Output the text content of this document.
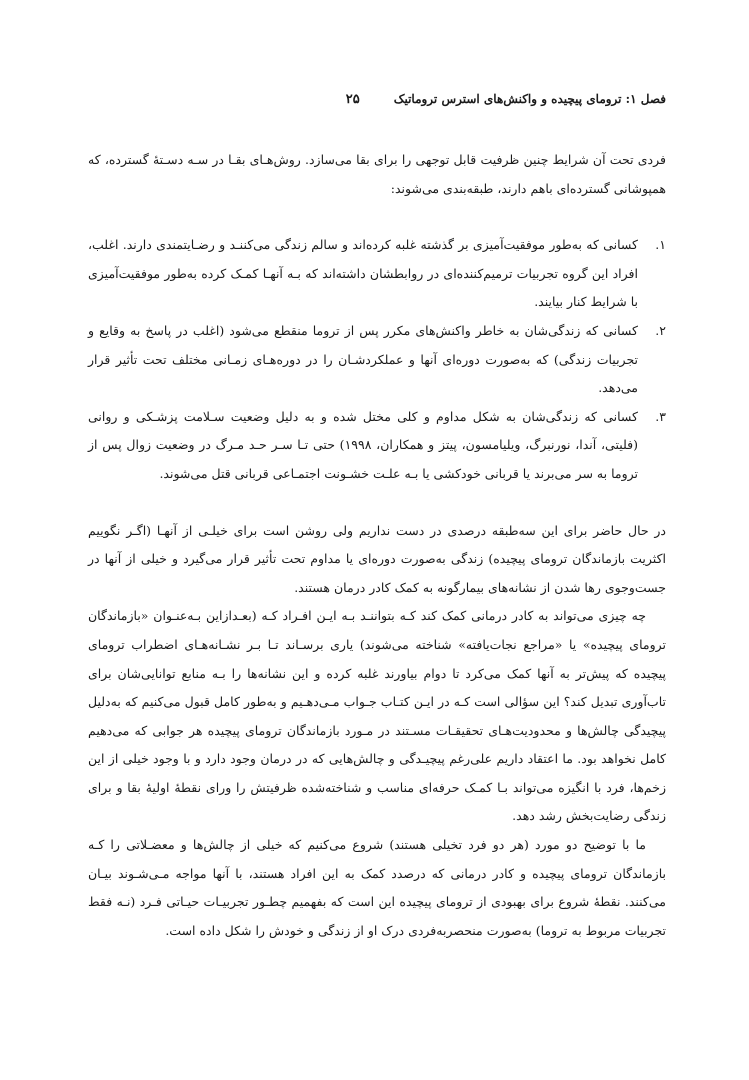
فصل ۱: ترومای پیچیده و واکنش‌های استرس تروماتیک
۲۵

فردی تحت آن شرایط چنین ظرفیت قابل توجهی را برای بقا می‌سازد. روش‌هـای بقـا در سـه دسـتهٔ گسترده، که همپوشانی گسترده‌ای باهم دارند، طبقه‌بندی می‌شوند:

۱.

کسانی که به‌طور موفقیت‌آمیزی بر گذشته غلبه کرده‌اند و سالم زندگی می‌کننـد و رضـایتمندی دارند. اغلب، افراد این گروه تجربیات ترمیم‌کننده‌ای در روابطشان داشته‌اند که بـه آنهـا کمـک کرده به‌طور موفقیت‌آمیزی با شرایط کنار بیایند.

۲.

کسانی که زندگی‌شان به خاطر واکنش‌های مکرر پس از تروما منقطع می‌شود (اغلب در پاسخ به وقایع و تجربیات زندگی) که به‌صورت دوره‌ای آنها و عملکردشـان را در دوره‌هـای زمـانی مختلف تحت تأثیر قرار می‌دهد.

۳.

کسانی که زندگی‌شان به شکل مداوم و کلی مختل شده و به دلیل وضعیت سـلامت پزشـکی و روانی (فلیتی، آندا، نورنبرگ، ویلیامسون، پیتز و همکاران، ۱۹۹۸) حتی تـا سـر حـد مـرگ در وضعیت زوال پس از تروما به سر می‌برند یا قربانی خودکشی یا بـه علـت خشـونت اجتمـاعی قربانی قتل می‌شوند.

در حال حاضر برای این سه‌طبقه درصدی در دست نداریم ولی روشن است برای خیلـی از آنهـا (اگـر نگوییم اکثریت بازماندگان ترومای پیچیده) زندگی به‌صورت دوره‌ای یا مداوم تحت تأثیر قرار می‌گیرد و خیلی از آنها در جست‌وجوی رها شدن از نشانه‌های بیمارگونه به کمک کادر درمان هستند.

چه چیزی می‌تواند به کادر درمانی کمک کند کـه بتواننـد بـه ایـن افـراد کـه (بعـدازاین بـه‌عنـوان «بازماندگان ترومای پیچیده» یا «مراجع نجات‌یافته» شناخته می‌شوند) یاری برسـاند تـا بـر نشـانه‌هـای اضطراب ترومای پیچیده که پیش‌تر به آنها کمک می‌کرد تا دوام بیاورند غلبه کرده و این نشانه‌ها را بـه منابع توانایی‌شان برای تاب‌آوری تبدیل کند؟ این سؤالی است کـه در ایـن کتـاب جـواب مـی‌دهـیم و به‌طور کامل قبول می‌کنیم که به‌دلیل پیچیدگی چالش‌ها و محدودیت‌هـای تحقیقـات مسـتند در مـورد بازماندگان ترومای پیچیده هر جوابی که می‌دهیم کامل نخواهد بود. ما اعتقاد داریم علی‌رغم پیچیـدگی و چالش‌هایی که در درمان وجود دارد و با وجود خیلی از این زخم‌ها، فرد با انگیزه می‌تواند بـا کمـک حرفه‌ای مناسب و شناخته‌شده ظرفیتش را ورای نقطهٔ اولیهٔ بقا و برای زندگی رضایت‌بخش رشد دهد.

ما با توضیح دو مورد (هر دو فرد تخیلی هستند) شروع می‌کنیم که خیلی از چالش‌ها و معضـلاتی را کـه بازماندگان ترومای پیچیده و کادر درمانی که درصدد کمک به این افراد هستند، با آنها مواجه مـی‌شـوند بیـان می‌کنند. نقطهٔ شروع برای بهبودی از ترومای پیچیده این است که بفهمیم چطـور تجربیـات حیـاتی فـرد (نـه فقط تجربیات مربوط به تروما) به‌صورت منحصربه‌فردی درک او از زندگی و خودش را شکل داده است.
